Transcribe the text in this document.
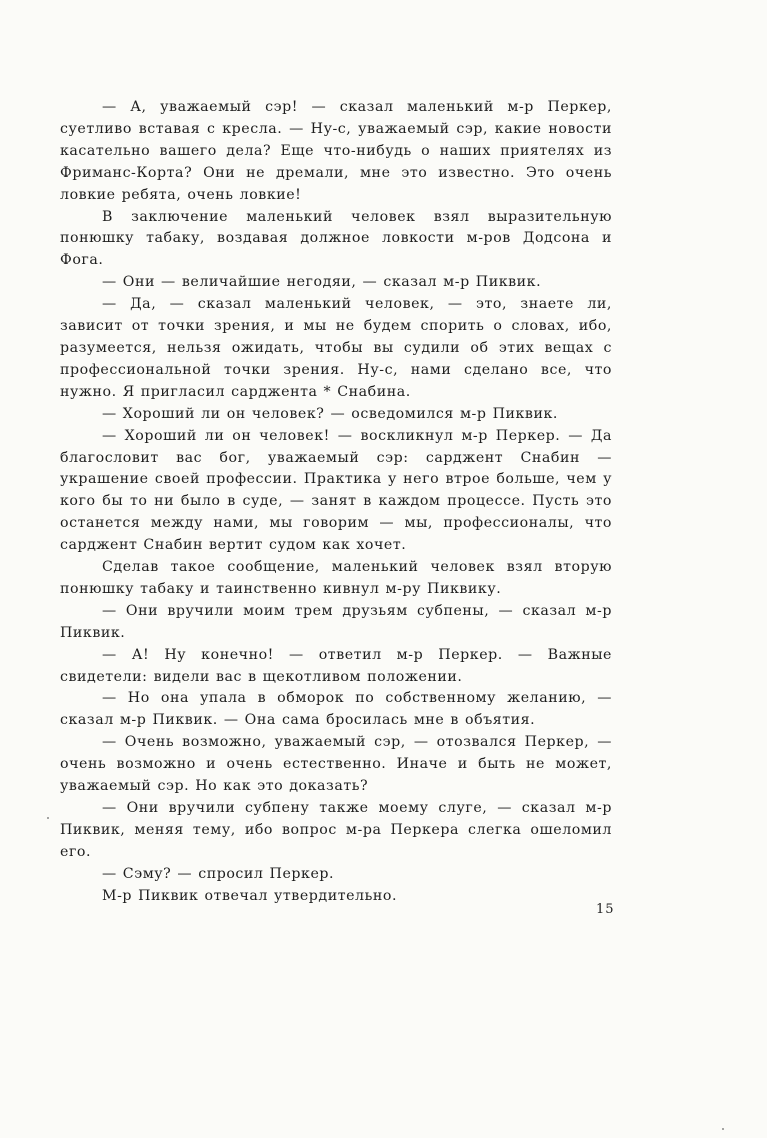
— А, уважаемый сэр! — сказал маленький м-р Перкер, суетливо вставая с кресла. — Ну-с, уважаемый сэр, какие новости касательно вашего дела? Еще что-нибудь о наших приятелях из Фриманс-Корта? Они не дремали, мне это известно. Это очень ловкие ребята, очень ловкие!

В заключение маленький человек взял выразительную понюшку табаку, воздавая должное ловкости м-ров Додсона и Фога.

— Они — величайшие негодяи, — сказал м-р Пиквик.

— Да, — сказал маленький человек, — это, знаете ли, зависит от точки зрения, и мы не будем спорить о словах, ибо, разумеется, нельзя ожидать, чтобы вы судили об этих вещах с профессиональной точки зрения. Ну-с, нами сделано все, что нужно. Я пригласил сарджента * Снабина.

— Хороший ли он человек? — осведомился м-р Пиквик.

— Хороший ли он человек! — воскликнул м-р Перкер. — Да благословит вас бог, уважаемый сэр: сарджент Снабин — украшение своей профессии. Практика у него втрое больше, чем у кого бы то ни было в суде, — занят в каждом процессе. Пусть это останется между нами, мы говорим — мы, профессионалы, что сарджент Снабин вертит судом как хочет.

Сделав такое сообщение, маленький человек взял вторую понюшку табаку и таинственно кивнул м-ру Пиквику.

— Они вручили моим трем друзьям субпены, — сказал м-р Пиквик.

— А! Ну конечно! — ответил м-р Перкер. — Важные свидетели: видели вас в щекотливом положении.

— Но она упала в обморок по собственному желанию, — сказал м-р Пиквик. — Она сама бросилась мне в объятия.

— Очень возможно, уважаемый сэр, — отозвался Перкер, — очень возможно и очень естественно. Иначе и быть не может, уважаемый сэр. Но как это доказать?

— Они вручили субпену также моему слуге, — сказал м-р Пиквик, меняя тему, ибо вопрос м-ра Перкера слегка ошеломил его.

— Сэму? — спросил Перкер.

М-р Пиквик отвечал утвердительно.

15
